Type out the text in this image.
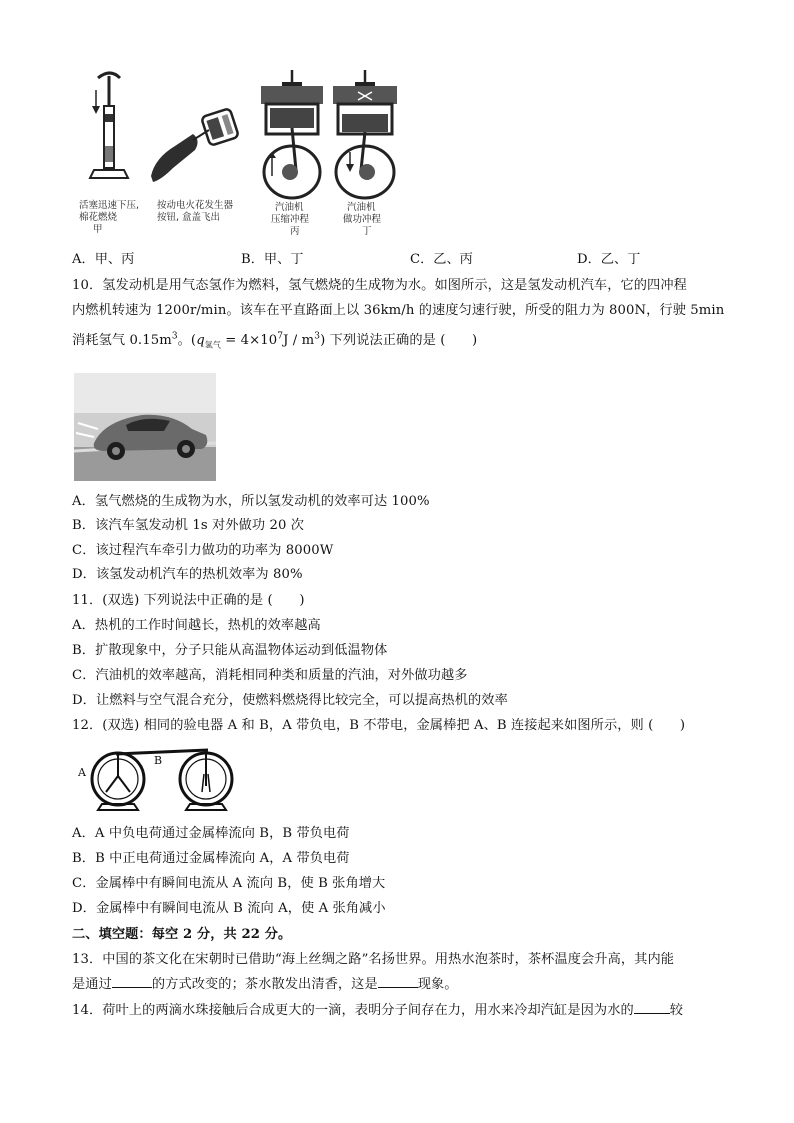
活塞迅速下压,
棉花燃烧
甲
按动电火花发生器
按钮, 盒盖飞出
汽油机
压缩冲程
丙
汽油机
做功冲程
丁
A．甲、丙	B．甲、丁	C．乙、丙	D．乙、丁
10．氢发动机是用气态氢作为燃料，氢气燃烧的生成物为水。如图所示，这是氢发动机汽车，它的四冲程
内燃机转速为 1200r/min。该车在平直路面上以 36km/h 的速度匀速行驶，所受的阻力为 800N，行驶 5min
消耗氢气 $0.15m^3$。$(q_{氢气} = 4\times 10^7J / m^3)$ 下列说法正确的是 (　　)
A．氢气燃烧的生成物为水，所以氢发动机的效率可达 100%
B．该汽车氢发动机 1s 对外做功 20 次
C．该过程汽车牵引力做功的功率为 8000W
D．该氢发动机汽车的热机效率为 80%
11．(双选) 下列说法中正确的是 (　　)
A．热机的工作时间越长，热机的效率越高
B．扩散现象中，分子只能从高温物体运动到低温物体
C．汽油机的效率越高，消耗相同种类和质量的汽油，对外做功越多
D．让燃料与空气混合充分，使燃料燃烧得比较完全，可以提高热机的效率
12．(双选) 相同的验电器 A 和 B，A 带负电，B 不带电，金属棒把 A、B 连接起来如图所示，则 (　　)
A
B
A．A 中负电荷通过金属棒流向 B，B 带负电荷
B．B 中正电荷通过金属棒流向 A，A 带负电荷
C．金属棒中有瞬间电流从 A 流向 B，使 B 张角增大
D．金属棒中有瞬间电流从 B 流向 A，使 A 张角减小
二、填空题：每空 2 分，共 22 分。
13．中国的茶文化在宋朝时已借助“海上丝绸之路”名扬世界。用热水泡茶时，茶杯温度会升高，其内能
是通过	的方式改变的；茶水散发出清香，这是	现象。
14．荷叶上的两滴水珠接触后合成更大的一滴，表明分子间存在力，用水来冷却汽缸是因为水的	较
